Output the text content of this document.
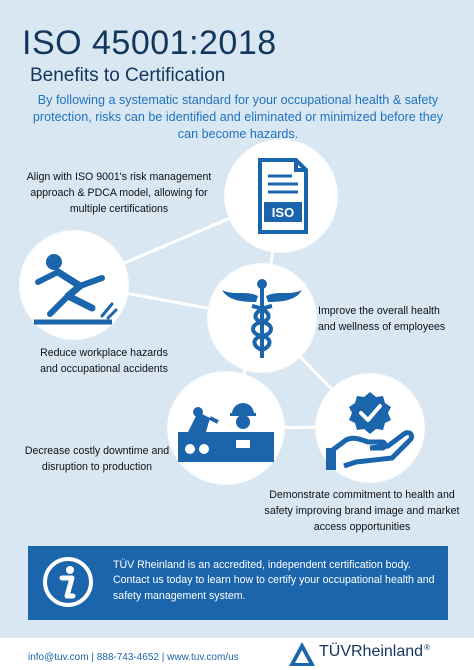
ISO 45001:2018
Benefits to Certification
By following a systematic standard for your occupational health & safety protection, risks can be identified and eliminated or minimized before they can become hazards.
ISO
Align with ISO 9001's risk management approach & PDCA model, allowing for multiple certifications
Reduce workplace hazards and occupational accidents
Improve the overall health and wellness of employees
Decrease costly downtime and disruption to production
Demonstrate commitment to health and safety improving brand image and market access opportunities
TÜV Rheinland is an accredited, independent certification body. Contact us today to learn how to certify your occupational health and safety management system.
info@tuv.com | 888-743-4652 | www.tuv.com/us	TÜVRheinland®
